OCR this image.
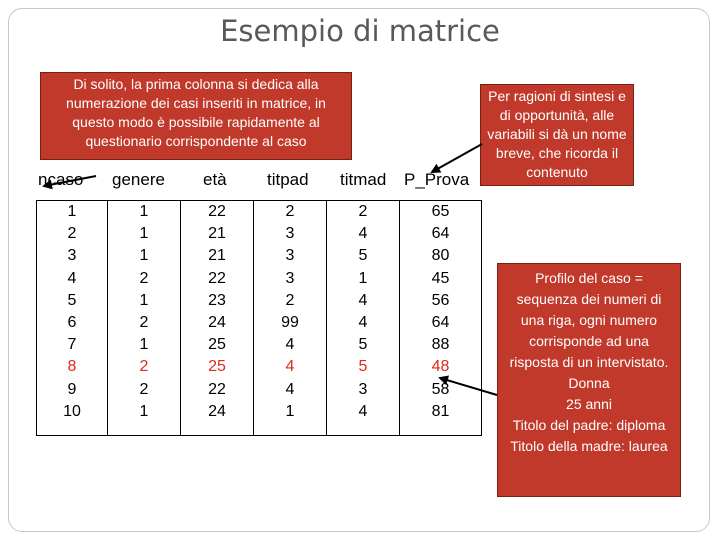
Esempio di matrice
ncaso genere età titpad titmad P_Prova
1
2
3
4
5
6
7
8
9
10
1
1
1
2
1
2
1
2
2
1
22
21
21
22
23
24
25
25
22
24
2
3
3
3
2
99
4
4
4
1
2
4
5
1
4
4
5
5
3
4
65
64
80
45
56
64
88
48
58
81
Di solito, la prima colonna si dedica alla numerazione dei casi inseriti in matrice, in questo modo è possibile rapidamente al questionario corrispondente al caso
Per ragioni di sintesi e di opportunità, alle variabili si dà un nome breve, che ricorda il contenuto
Profilo del caso = sequenza dei numeri di una riga, ogni numero corrisponde ad una risposta di un intervistato.
Donna
25 anni
Titolo del padre: diploma
Titolo della madre: laurea
